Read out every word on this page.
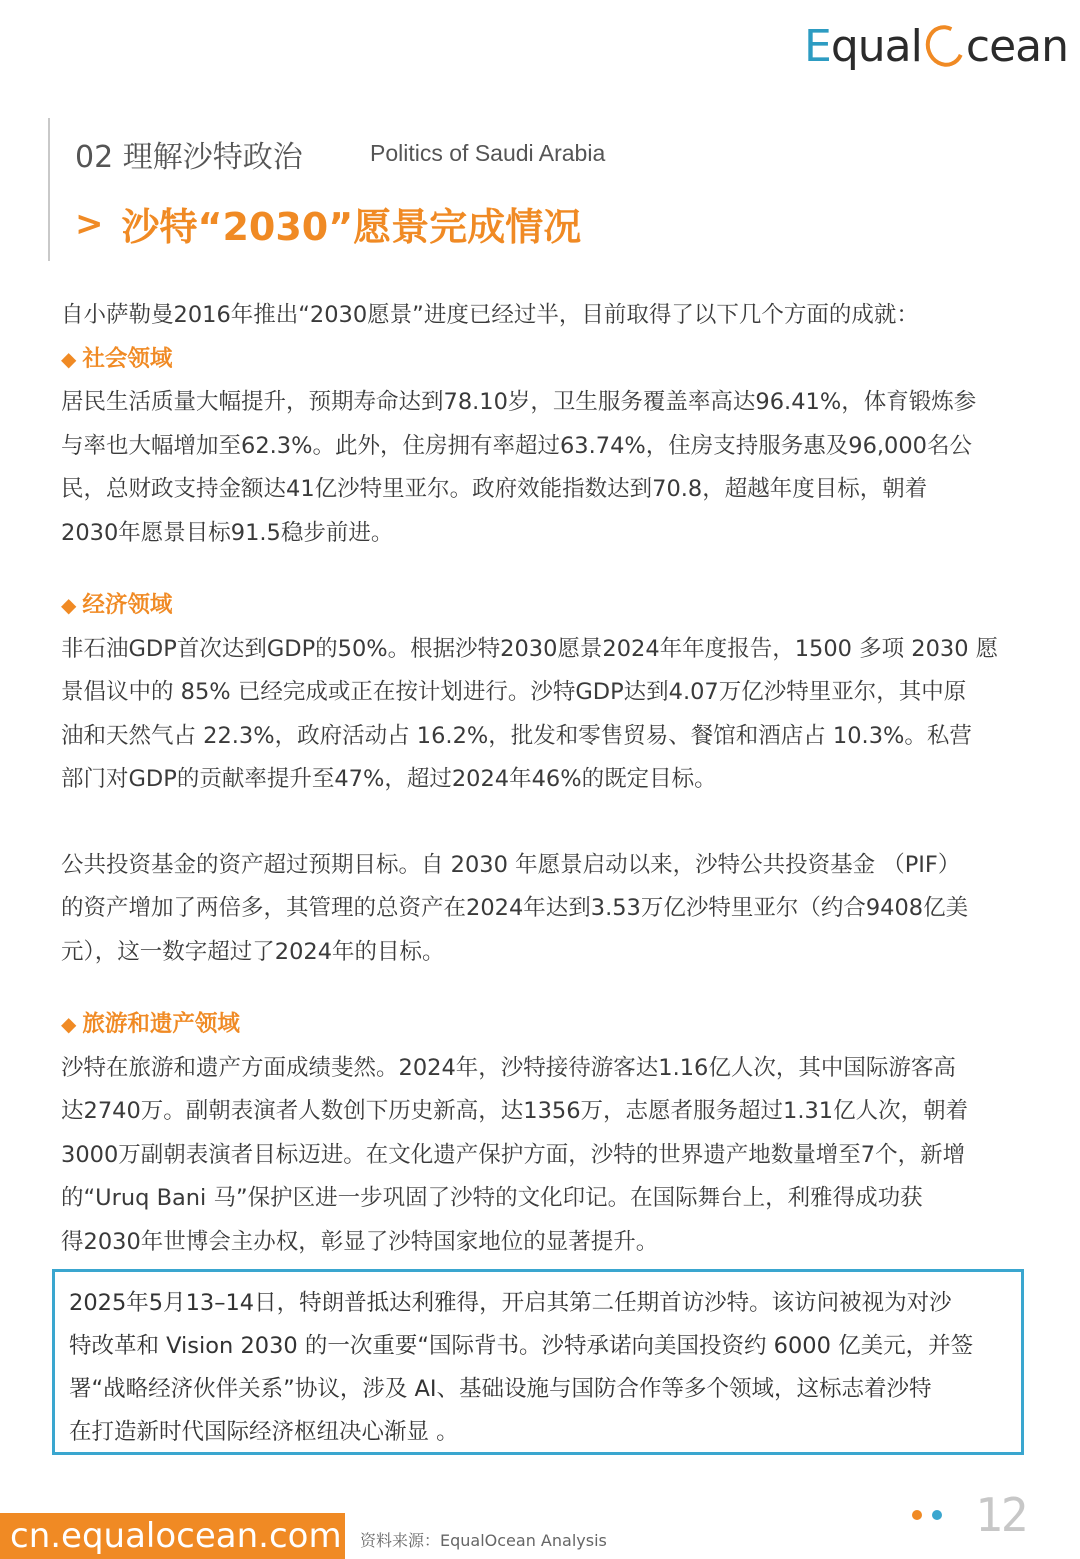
E qual cean
02 理解沙特政治	Politics of Saudi Arabia
> 沙特“2030”愿景完成情况

自小萨勒曼2016年推出“2030愿景”进度已经过半，目前取得了以下几个方面的成就：

◆ 社会领域

居民生活质量大幅提升，预期寿命达到78.10岁，卫生服务覆盖率高达96.41%，体育锻炼参

与率也大幅增加至62.3%。此外，住房拥有率超过63.74%，住房支持服务惠及96,000名公

民，总财政支持金额达41亿沙特里亚尔。政府效能指数达到70.8，超越年度目标，朝着

2030年愿景目标91.5稳步前进。

◆ 经济领域

非石油GDP首次达到GDP的50%。根据沙特2030愿景2024年年度报告，1500 多项 2030 愿

景倡议中的 85% 已经完成或正在按计划进行。沙特GDP达到4.07万亿沙特里亚尔，其中原

油和天然气占 22.3%，政府活动占 16.2%，批发和零售贸易、餐馆和酒店占 10.3%。私营

部门对GDP的贡献率提升至47%，超过2024年46%的既定目标。

公共投资基金的资产超过预期目标。自 2030 年愿景启动以来，沙特公共投资基金 （PIF）

的资产增加了两倍多，其管理的总资产在2024年达到3.53万亿沙特里亚尔（约合9408亿美

元），这一数字超过了2024年的目标。

◆ 旅游和遗产领域

沙特在旅游和遗产方面成绩斐然。2024年，沙特接待游客达1.16亿人次，其中国际游客高

达2740万。副朝表演者人数创下历史新高，达1356万，志愿者服务超过1.31亿人次，朝着

3000万副朝表演者目标迈进。在文化遗产保护方面，沙特的世界遗产地数量增至7个，新增

的“Uruq Bani 马”保护区进一步巩固了沙特的文化印记。在国际舞台上，利雅得成功获

得2030年世博会主办权，彰显了沙特国家地位的显著提升。

2025年5月13–14日，特朗普抵达利雅得，开启其第二任期首访沙特。该访问被视为对沙
特改革和 Vision 2030 的一次重要“国际背书。沙特承诺向美国投资约 6000 亿美元，并签
署“战略经济伙伴关系”协议，涉及 AI、基础设施与国防合作等多个领域，这标志着沙特
在打造新时代国际经济枢纽决心渐显 。
cn.equalocean.com 资料来源：EqualOcean Analysis	12
